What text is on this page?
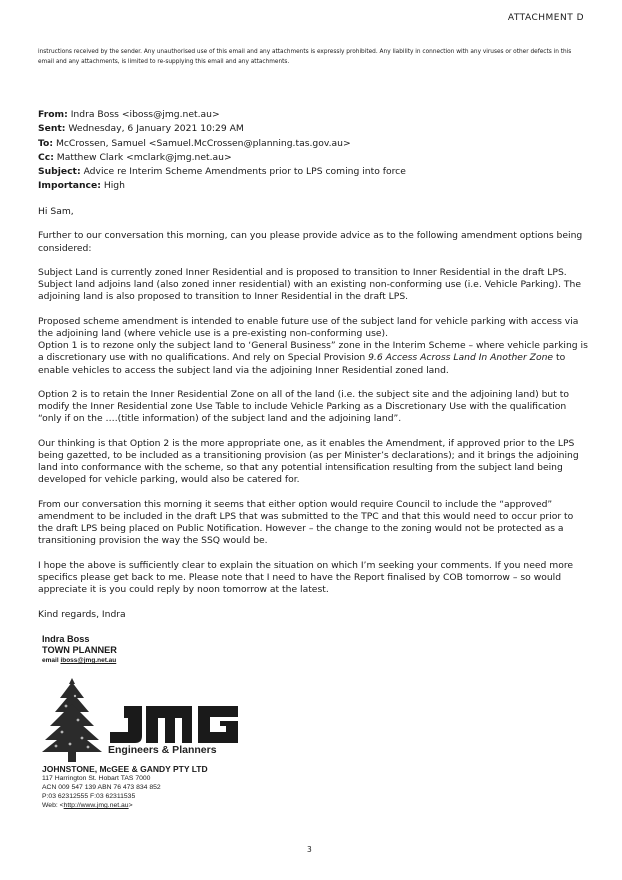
ATTACHMENT D
instructions received by the sender. Any unauthorised use of this email and any attachments is expressly prohibited. Any liability in connection with any viruses or other defects in this email and any attachments, is limited to re-supplying this email and any attachments.
From: Indra Boss <iboss@jmg.net.au>
Sent: Wednesday, 6 January 2021 10:29 AM
To: McCrossen, Samuel <Samuel.McCrossen@planning.tas.gov.au>
Cc: Matthew Clark <mclark@jmg.net.au>
Subject: Advice re Interim Scheme Amendments prior to LPS coming into force
Importance: High

Hi Sam,

Further to our conversation this morning, can you please provide advice as to the following amendment options being considered:

Subject Land is currently zoned Inner Residential and is proposed to transition to Inner Residential in the draft LPS. Subject land adjoins land (also zoned inner residential) with an existing non-conforming use (i.e. Vehicle Parking). The adjoining land is also proposed to transition to Inner Residential in the draft LPS.

Proposed scheme amendment is intended to enable future use of the subject land for vehicle parking with access via the adjoining land (where vehicle use is a pre-existing non-conforming use).
Option 1 is to rezone only the subject land to ‘General Business” zone in the Interim Scheme – where vehicle parking is a discretionary use with no qualifications. And rely on Special Provision 9.6 Access Across Land In Another Zone to enable vehicles to access the subject land via the adjoining Inner Residential zoned land.

Option 2 is to retain the Inner Residential Zone on all of the land (i.e. the subject site and the adjoining land) but to modify the Inner Residential zone Use Table to include Vehicle Parking as a Discretionary Use with the qualification “only if on the ….(title information) of the subject land and the adjoining land”.

Our thinking is that Option 2 is the more appropriate one, as it enables the Amendment, if approved prior to the LPS being gazetted, to be included as a transitioning provision (as per Minister’s declarations); and it brings the adjoining land into conformance with the scheme, so that any potential intensification resulting from the subject land being developed for vehicle parking, would also be catered for.

From our conversation this morning it seems that either option would require Council to include the “approved” amendment to be included in the draft LPS that was submitted to the TPC and that this would need to occur prior to the draft LPS being placed on Public Notification. However – the change to the zoning would not be protected as a transitioning provision the way the SSQ would be.

I hope the above is sufficiently clear to explain the situation on which I’m seeking your comments. If you need more specifics please get back to me. Please note that I need to have the Report finalised by COB tomorrow – so would appreciate it is you could reply by noon tomorrow at the latest.

Kind regards, Indra

Indra Boss
TOWN PLANNER
email iboss@jmg.net.au
Engineers & Planners
JOHNSTONE, McGEE & GANDY PTY LTD
117 Harrington St. Hobart TAS 7000
ACN 009 547 139 ABN 76 473 834 852
P:03 62312555 F:03 62311535
Web: <http://www.jmg.net.au>
3
